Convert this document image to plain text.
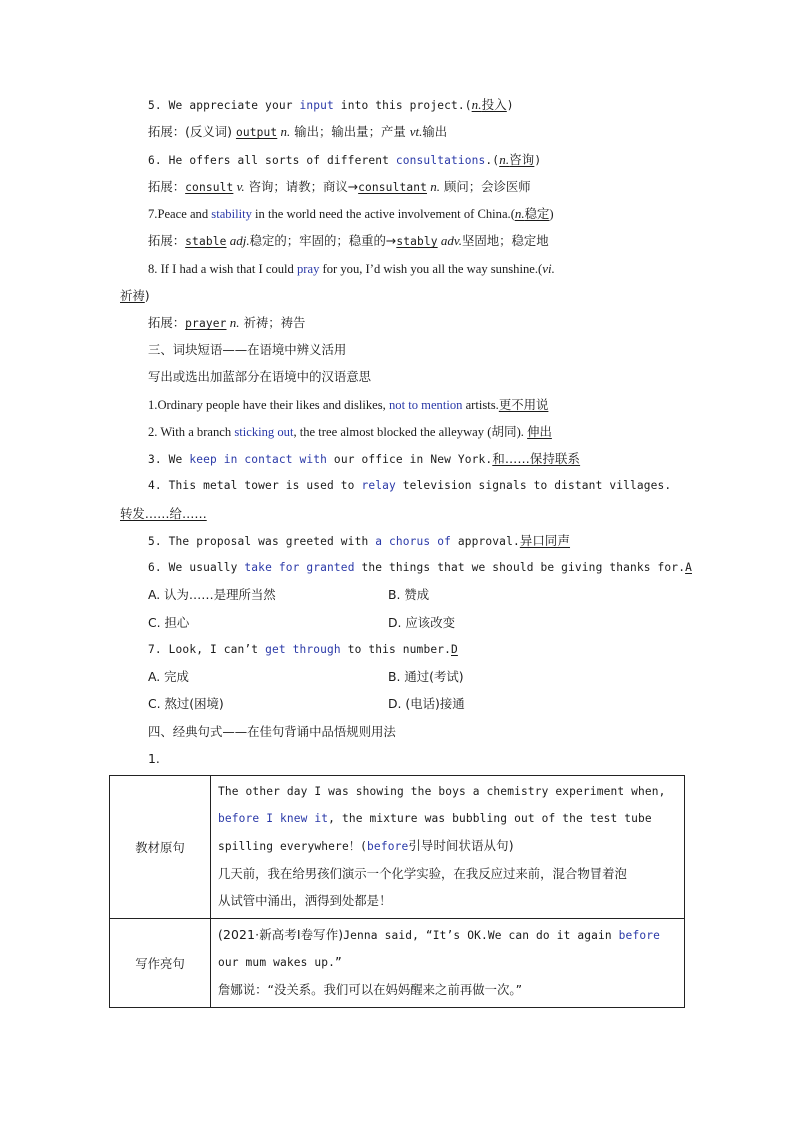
5. We appreciate your input into this project.(n.投入)
拓展：(反义词) output n. 输出；输出量；产量 vt.输出
6. He offers all sorts of different consultations.(n.咨询)
拓展：consult v. 咨询；请教；商议→consultant n. 顾问；会诊医师
7.Peace and stability in the world need the active involvement of China.(n.稳定)
拓展：stable adj.稳定的；牢固的；稳重的→stably adv.坚固地；稳定地
8. If I had a wish that I could pray for you, I’d wish you all the way sunshine.(vi.
祈祷)
拓展：prayer n. 祈祷；祷告
三、词块短语——在语境中辨义活用
写出或选出加蓝部分在语境中的汉语意思
1.Ordinary people have their likes and dislikes, not to mention artists.更不用说
2. With a branch sticking out, the tree almost blocked the alleyway (胡同). 伸出
3. We keep in contact with our office in New York.和……保持联系
4. This metal tower is used to relay television signals to distant villages.
转发……给……
5. The proposal was greeted with a chorus of approval.异口同声
6. We usually take for granted the things that we should be giving thanks for.A
A. 认为……是理所当然	B. 赞成
C. 担心	D. 应该改变
7. Look, I can’t get through to this number.D
A. 完成	B. 通过(考试)
C. 熬过(困境)	D. (电话)接通
四、经典句式——在佳句背诵中品悟规则用法
1.
教材原句	The other day I was showing the boys a chemistry experiment when,
before I knew it, the mixture was bubbling out of the test tube
spilling everywhere！(before引导时间状语从句)
几天前，我在给男孩们演示一个化学实验，在我反应过来前，混合物冒着泡
从试管中涌出，洒得到处都是！

写作亮句	(2021·新高考Ⅰ卷写作)Jenna said, “It’s OK.We can do it again before
our mum wakes up.”
詹娜说：“没关系。我们可以在妈妈醒来之前再做一次。”
